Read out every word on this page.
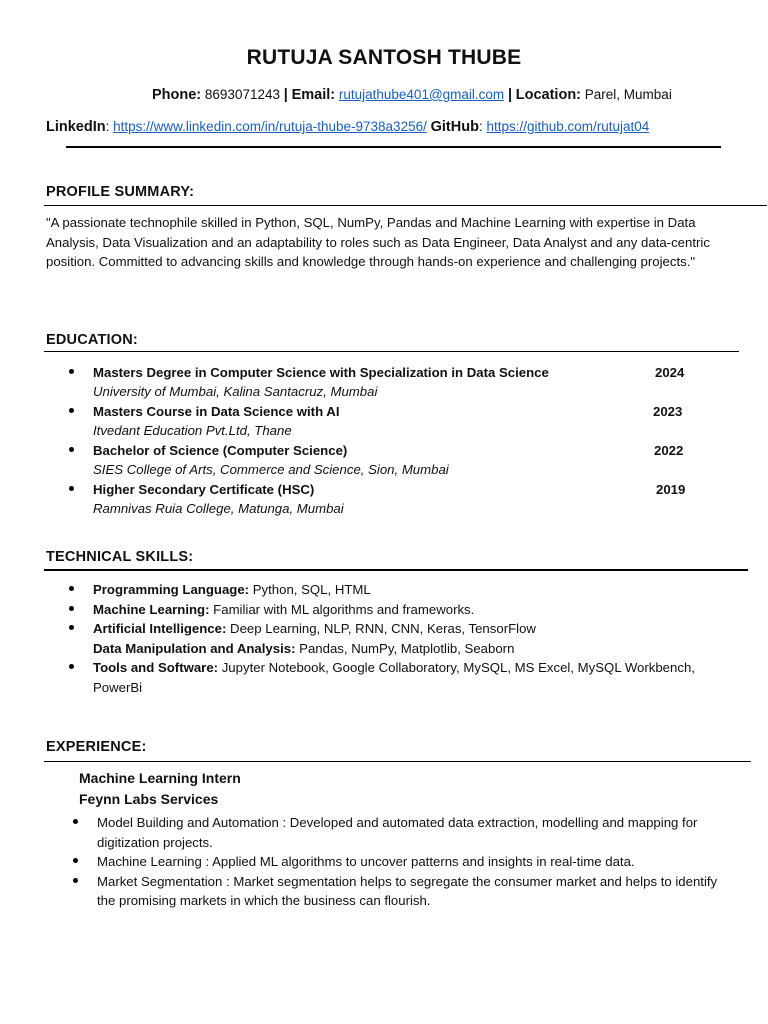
RUTUJA SANTOSH THUBE
Phone: 8693071243 | Email: rutujathube401@gmail.com | Location: Parel, Mumbai
LinkedIn: https://www.linkedin.com/in/rutuja-thube-9738a3256/ GitHub: https://github.com/rutujat04
PROFILE SUMMARY:
"A passionate technophile skilled in Python, SQL, NumPy, Pandas and Machine Learning with expertise in Data Analysis, Data Visualization and an adaptability to roles such as Data Engineer, Data Analyst and any data-centric position. Committed to advancing skills and knowledge through hands-on experience and challenging projects."
EDUCATION:
Masters Degree in Computer Science with Specialization in Data Science
University of Mumbai, Kalina Santacruz, Mumbai
2024
Masters Course in Data Science with AI
Itvedant Education Pvt.Ltd, Thane
2023
Bachelor of Science (Computer Science)
SIES College of Arts, Commerce and Science, Sion, Mumbai
2022
Higher Secondary Certificate (HSC)
Ramnivas Ruia College, Matunga, Mumbai
2019
TECHNICAL SKILLS:
Programming Language: Python, SQL, HTML
Machine Learning: Familiar with ML algorithms and frameworks.
Artificial Intelligence: Deep Learning, NLP, RNN, CNN, Keras, TensorFlow
Data Manipulation and Analysis: Pandas, NumPy, Matplotlib, Seaborn
Tools and Software: Jupyter Notebook, Google Collaboratory, MySQL, MS Excel, MySQL Workbench, PowerBi
EXPERIENCE:
Machine Learning Intern
Feynn Labs Services
Model Building and Automation : Developed and automated data extraction, modelling and mapping for digitization projects.
Machine Learning : Applied ML algorithms to uncover patterns and insights in real-time data.
Market Segmentation : Market segmentation helps to segregate the consumer market and helps to identify the promising markets in which the business can flourish.
